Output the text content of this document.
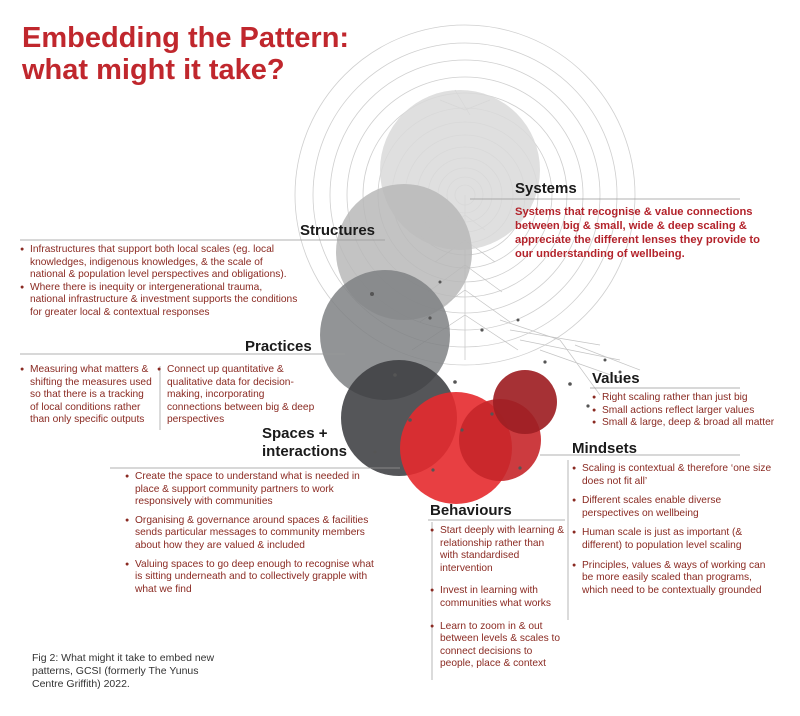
Embedding the Pattern:
what might it take?
Systems
Systems that recognise & value connections between big & small, wide & deep scaling & appreciate the different lenses they provide to our understanding of wellbeing.
Structures
● Infrastructures that support both local scales (eg. local knowledges, indigenous knowledges, & the scale of national & population level perspectives and obligations).
● Where there is inequity or intergenerational trauma, national infrastructure & investment supports the conditions for greater local & contextual responses
Practices
● Measuring what matters & shifting the measures used so that there is a tracking of local conditions rather than only specific outputs
● Connect up quantitative & qualitative data for decision-making, incorporating connections between big & deep perspectives
Spaces +
interactions
● Create the space to understand what is needed in place & support community partners to work responsively with communities
● Organising & governance around spaces & facilities sends particular messages to community members about how they are valued & included
● Valuing spaces to go deep enough to recognise what is sitting underneath and to collectively grapple with what we find
Values
● Right scaling rather than just big
● Small actions reflect larger values
● Small & large, deep & broad all matter
Mindsets
● Scaling is contextual & therefore ‘one size does not fit all’
● Different scales enable diverse perspectives on wellbeing
● Human scale is just as important (& different) to population level scaling
● Principles, values & ways of working can be more easily scaled than programs, which need to be contextually grounded
Behaviours
● Start deeply with learning & relationship rather than with standardised intervention
● Invest in learning with communities what works
● Learn to zoom in & out between levels & scales to connect decisions to people, place & context
Fig 2: What might it take to embed new patterns, GCSI (formerly The Yunus Centre Griffith) 2022.
